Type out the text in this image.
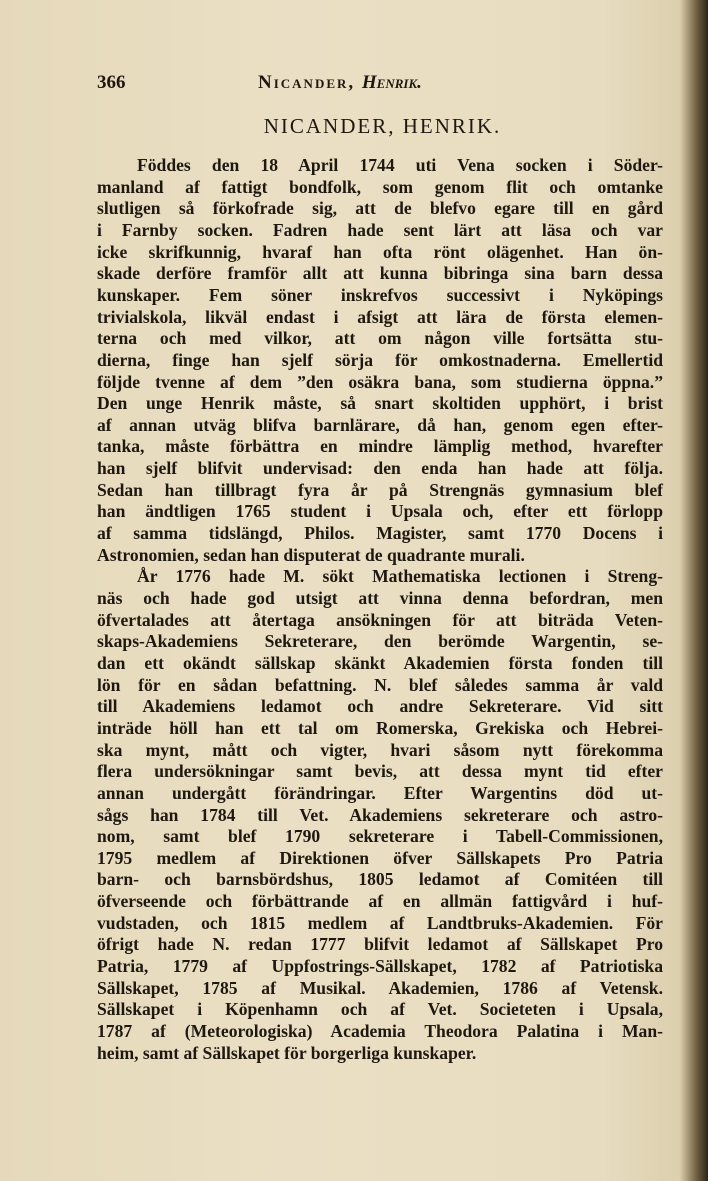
366	Nicander, Henrik.
NICANDER, HENRIK.
Föddes den 18 April 1744 uti Vena socken i Söder-
manland af fattigt bondfolk, som genom flit och omtanke
slutligen så förkofrade sig, att de blefvo egare till en gård
i Farnby socken. Fadren hade sent lärt att läsa och var
icke skrifkunnig, hvaraf han ofta rönt olägenhet. Han ön-
skade derföre framför allt att kunna bibringa sina barn dessa
kunskaper. Fem söner inskrefvos successivt i Nyköpings
trivialskola, likväl endast i afsigt att lära de första elemen-
terna och med vilkor, att om någon ville fortsätta stu-
dierna, finge han sjelf sörja för omkostnaderna. Emellertid
följde tvenne af dem ”den osäkra bana, som studierna öppna.”
Den unge Henrik måste, så snart skoltiden upphört, i brist
af annan utväg blifva barnlärare, då han, genom egen efter-
tanka, måste förbättra en mindre lämplig method, hvarefter
han sjelf blifvit undervisad: den enda han hade att följa.
Sedan han tillbragt fyra år på Strengnäs gymnasium blef
han ändtligen 1765 student i Upsala och, efter ett förlopp
af samma tidslängd, Philos. Magister, samt 1770 Docens i
Astronomien, sedan han disputerat de quadrante murali.
År 1776 hade M. sökt Mathematiska lectionen i Streng-
näs och hade god utsigt att vinna denna befordran, men
öfvertalades att återtaga ansökningen för att biträda Veten-
skaps-Akademiens Sekreterare, den berömde Wargentin, se-
dan ett okändt sällskap skänkt Akademien första fonden till
lön för en sådan befattning. N. blef således samma år vald
till Akademiens ledamot och andre Sekreterare. Vid sitt
inträde höll han ett tal om Romerska, Grekiska och Hebrei-
ska mynt, mått och vigter, hvari såsom nytt förekomma
flera undersökningar samt bevis, att dessa mynt tid efter
annan undergått förändringar. Efter Wargentins död ut-
sågs han 1784 till Vet. Akademiens sekreterare och astro-
nom, samt blef 1790 sekreterare i Tabell-Commissionen,
1795 medlem af Direktionen öfver Sällskapets Pro Patria
barn- och barnsbördshus, 1805 ledamot af Comitéen till
öfverseende och förbättrande af en allmän fattigvård i huf-
vudstaden, och 1815 medlem af Landtbruks-Akademien. För
öfrigt hade N. redan 1777 blifvit ledamot af Sällskapet Pro
Patria, 1779 af Uppfostrings-Sällskapet, 1782 af Patriotiska
Sällskapet, 1785 af Musikal. Akademien, 1786 af Vetensk.
Sällskapet i Köpenhamn och af Vet. Societeten i Upsala,
1787 af (Meteorologiska) Academia Theodora Palatina i Man-
heim, samt af Sällskapet för borgerliga kunskaper.
